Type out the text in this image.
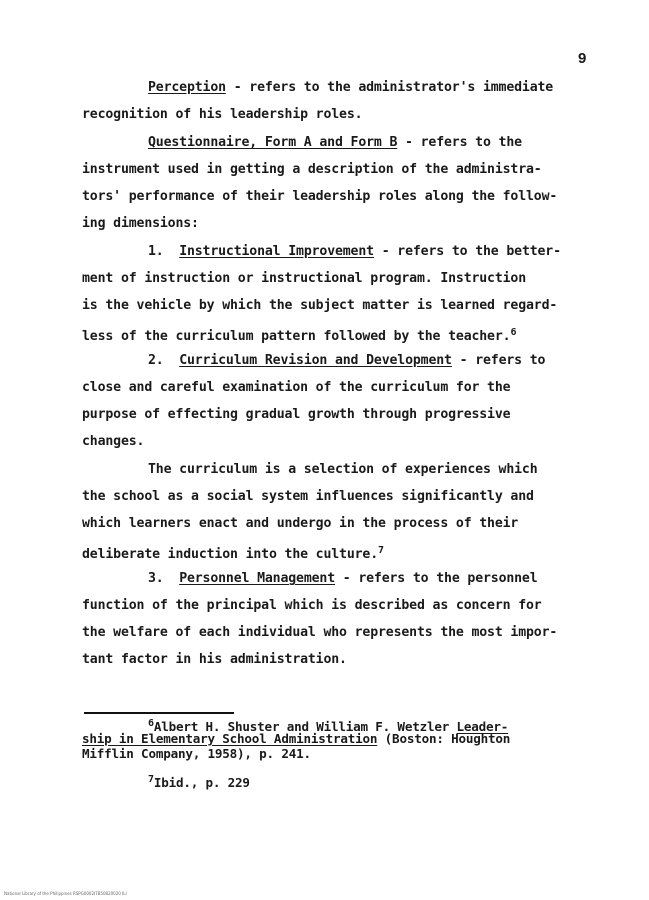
9
Perception - refers to the administrator's immediate
recognition of his leadership roles.
Questionnaire, Form A and Form B - refers to the
instrument used in getting a description of the administra-
tors' performance of their leadership roles along the follow-
ing dimensions:
1. Instructional Improvement - refers to the better-
ment of instruction or instructional program. Instruction
is the vehicle by which the subject matter is learned regard-
less of the curriculum pattern followed by the teacher.$^6$
2. Curriculum Revision and Development - refers to
close and careful examination of the curriculum for the
purpose of effecting gradual growth through progressive
changes.
The curriculum is a selection of experiences which
the school as a social system influences significantly and
which learners enact and undergo in the process of their
deliberate induction into the culture.$^7$
3. Personnel Management - refers to the personnel
function of the principal which is described as concern for
the welfare of each individual who represents the most impor-
tant factor in his administration.
$^6$Albert H. Shuster and William F. Wetzler Leader-
ship in Elementary School Administration (Boston: Houghton
Mifflin Company, 1958), p. 241.
$^7$Ibid., p. 229
National Library of the Philippines RSPG0002I7B50820020 ILI
